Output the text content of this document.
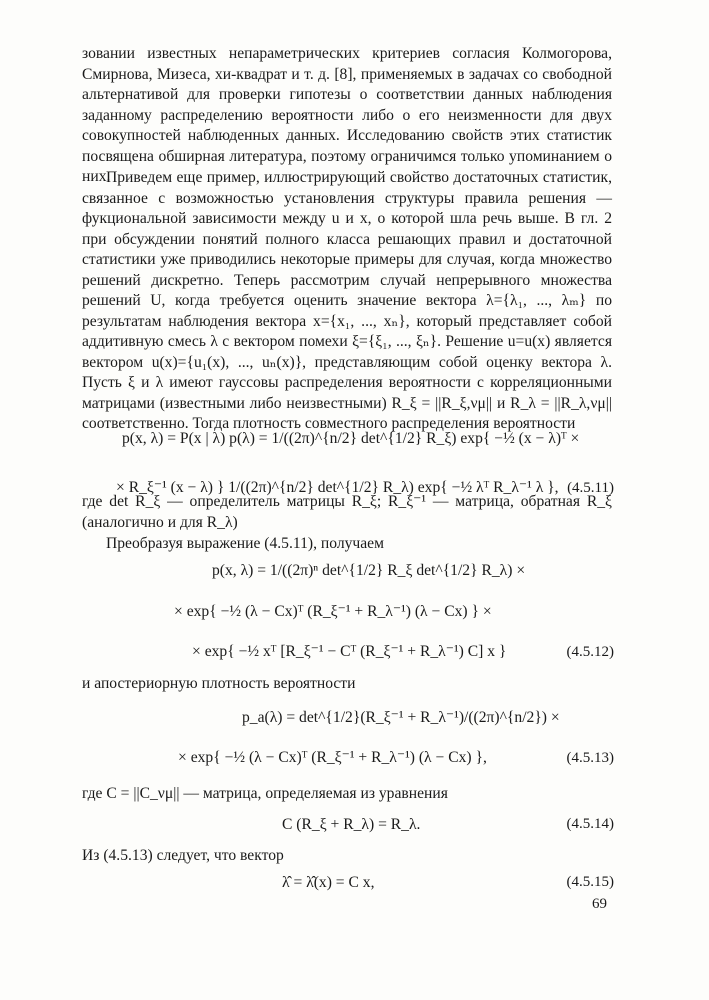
зовании известных непараметрических критериев согласия Колмогорова, Смирнова, Мизеса, хи-квадрат и т. д. [8], применяемых в задачах со свободной альтернативой для проверки гипотезы о соответствии данных наблюдения заданному распределению вероятности либо о его неизменности для двух совокупностей наблюденных данных. Исследованию свойств этих статистик посвящена обширная литература, поэтому ограничимся только упоминанием о них.

Приведем еще пример, иллюстрирующий свойство достаточных статистик, связанное с возможностью установления структуры правила решения — фукциональной зависимости между u и x, о которой шла речь выше. В гл. 2 при обсуждении понятий полного класса решающих правил и достаточной статистики уже приводились некоторые примеры для случая, когда множество решений дискретно. Теперь рассмотрим случай непрерывного множества решений U, когда требуется оценить значение вектора λ={λ₁, ..., λₘ} по результатам наблюдения вектора x={x₁, ..., xₙ}, который представляет собой аддитивную смесь λ с вектором помехи ξ={ξ₁, ..., ξₙ}. Решение u=u(x) является вектором u(x)={u₁(x), ..., uₙ(x)}, представляющим собой оценку вектора λ. Пусть ξ и λ имеют гауссовы распределения вероятности с корреляционными матрицами (известными либо неизвестными) R_ξ = ||R_ξ,νμ|| и R_λ = ||R_λ,νμ|| соответственно. Тогда плотность совместного распределения вероятности

p(x, λ) = P(x | λ) p(λ) = 1/((2π)^{n/2} det^{1/2} R_ξ) exp{ −½ (x − λ)ᵀ ×
× R_ξ⁻¹ (x − λ) } 1/((2π)^{n/2} det^{1/2} R_λ) exp{ −½ λᵀ R_λ⁻¹ λ }, (4.5.11)

где det R_ξ — определитель матрицы R_ξ; R_ξ⁻¹ — матрица, обратная R_ξ (аналогично и для R_λ)

Преобразуя выражение (4.5.11), получаем

p(x, λ) = 1/((2π)ⁿ det^{1/2} R_ξ det^{1/2} R_λ) ×
× exp{ −½ (λ − Cx)ᵀ (R_ξ⁻¹ + R_λ⁻¹) (λ − Cx) } ×
× exp{ −½ xᵀ [R_ξ⁻¹ − Cᵀ (R_ξ⁻¹ + R_λ⁻¹) C] x }	(4.5.12)

и апостериорную плотность вероятности

p_a(λ) = det^{1/2}(R_ξ⁻¹ + R_λ⁻¹)/((2π)^{n/2}) ×
× exp{ −½ (λ − Cx)ᵀ (R_ξ⁻¹ + R_λ⁻¹) (λ − Cx) },	(4.5.13)

где C = ||C_νμ|| — матрица, определяемая из уравнения

C (R_ξ + R_λ) = R_λ.	(4.5.14)

Из (4.5.13) следует, что вектор

λ̂ = λ̂(x) = C x,	(4.5.15)
69
